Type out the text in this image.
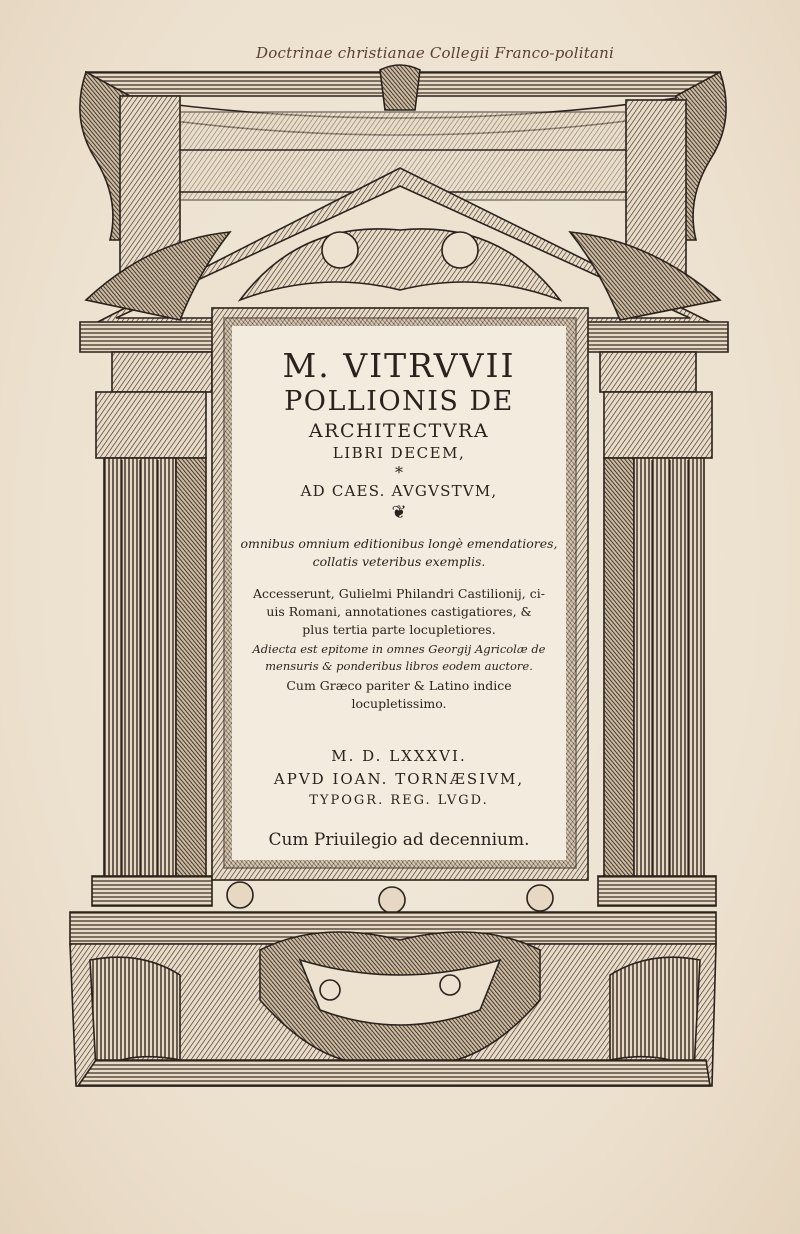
Doctrinae christianae Collegii Franco-politani
M. VITRVVII
POLLIONIS DE
ARCHITECTVRA
LIBRI DECEM,
*
AD CAES. AVGVSTVM,
❦
omnibus omnium editionibus longè emendatiores,
collatis veteribus exemplis.
Accesserunt, Gulielmi Philandri Castilionij, ci-
uis Romani, annotationes castigatiores, &
plus tertia parte locupletiores.
Adiecta est epitome in omnes Georgij Agricolæ de
mensuris & ponderibus libros eodem auctore.
Cum Græco pariter & Latino indice
locupletissimo.
M. D. LXXXVI.
APVD IOAN. TORNÆSIVM,
TYPOGR. REG. LVGD.
Cum Priuilegio ad decennium.
